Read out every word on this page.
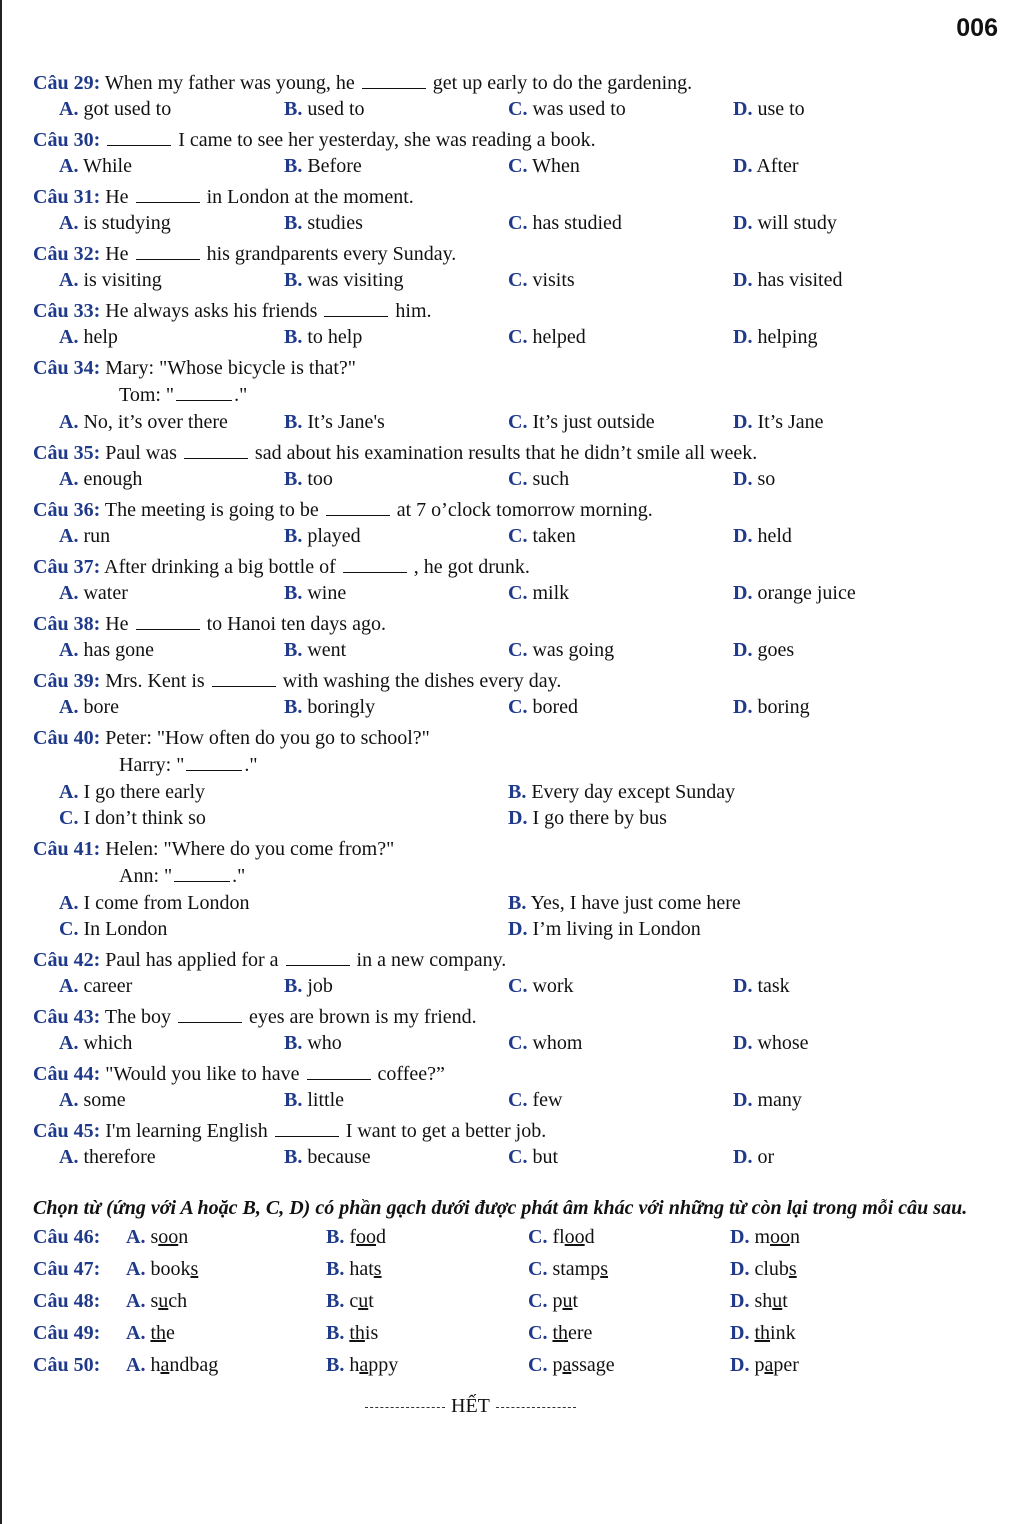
006
Câu 29: When my father was young, he	get up early to do the gardening.
A. got used to	B. used to	C. was used to	D. use to
Câu 30:	I came to see her yesterday, she was reading a book.
A. While	B. Before	C. When	D. After
Câu 31: He	in London at the moment.
A. is studying	B. studies	C. has studied	D. will study
Câu 32: He	his grandparents every Sunday.
A. is visiting	B. was visiting	C. visits	D. has visited
Câu 33: He always asks his friends	him.
A. help	B. to help	C. helped	D. helping
Câu 34: Mary: "Whose bicycle is that?"
Tom: "	."
A. No, it’s over there	B. It’s Jane's	C. It’s just outside	D. It’s Jane
Câu 35: Paul was	sad about his examination results that he didn’t smile all week.
A. enough	B. too	C. such	D. so
Câu 36: The meeting is going to be	at 7 o’clock tomorrow morning.
A. run	B. played	C. taken	D. held
Câu 37: After drinking a big bottle of	, he got drunk.
A. water	B. wine	C. milk	D. orange juice
Câu 38: He	to Hanoi ten days ago.
A. has gone	B. went	C. was going	D. goes
Câu 39: Mrs. Kent is	with washing the dishes every day.
A. bore	B. boringly	C. bored	D. boring
Câu 40: Peter: "How often do you go to school?"
Harry: "	."
A. I go there early	B. Every day except Sunday
C. I don’t think so	D. I go there by bus
Câu 41: Helen: "Where do you come from?"
Ann: "	."
A. I come from London	B. Yes, I have just come here
C. In London	D. I’m living in London
Câu 42: Paul has applied for a	in a new company.
A. career	B. job	C. work	D. task
Câu 43: The boy	eyes are brown is my friend.
A. which	B. who	C. whom	D. whose
Câu 44: "Would you like to have	coffee?”
A. some	B. little	C. few	D. many
Câu 45: I'm learning English	I want to get a better job.
A. therefore	B. because	C. but	D. or
Chọn từ (ứng với A hoặc B, C, D) có phần gạch dưới được phát âm khác với những từ còn lại trong mỗi câu sau.
Câu 46: A. soon	B. food	C. flood	D. moon
Câu 47: A. books	B. hats	C. stamps	D. clubs
Câu 48: A. such	B. cut	C. put	D. shut
Câu 49: A. the	B. this	C. there	D. think
Câu 50: A. handbag	B. happy	C. passage	D. paper
HẾT
